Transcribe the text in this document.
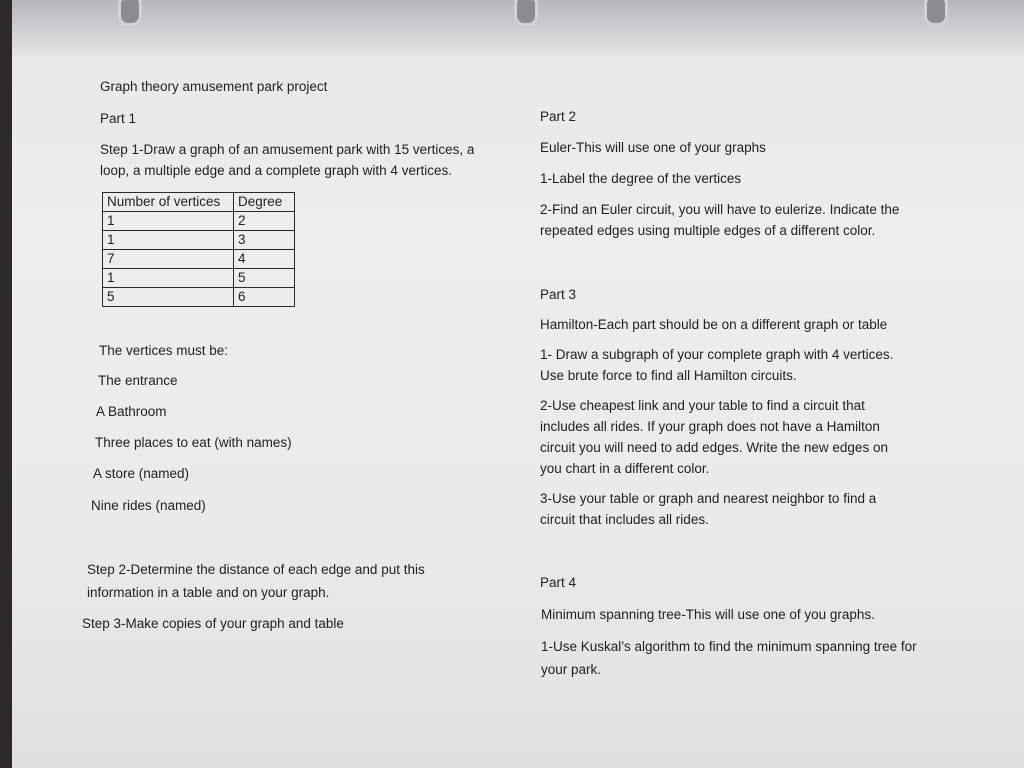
Graph theory amusement park project
Part 1
Step 1-Draw a graph of an amusement park with 15 vertices, a loop, a multiple edge and a complete graph with 4 vertices.
Number of vertices	Degree
1	2
1	3
7	4
1	5
5	6
The vertices must be:
The entrance
A Bathroom
Three places to eat (with names)
A store (named)
Nine rides (named)
Step 2-Determine the distance of each edge and put this information in a table and on your graph.
Step 3-Make copies of your graph and table
Part 2
Euler-This will use one of your graphs
1-Label the degree of the vertices
2-Find an Euler circuit, you will have to eulerize. Indicate the repeated edges using multiple edges of a different color.
Part 3
Hamilton-Each part should be on a different graph or table
1- Draw a subgraph of your complete graph with 4 vertices. Use brute force to find all Hamilton circuits.
2-Use cheapest link and your table to find a circuit that includes all rides. If your graph does not have a Hamilton circuit you will need to add edges. Write the new edges on you chart in a different color.
3-Use your table or graph and nearest neighbor to find a circuit that includes all rides.
Part 4
Minimum spanning tree-This will use one of you graphs.
1-Use Kuskal’s algorithm to find the minimum spanning tree for your park.
